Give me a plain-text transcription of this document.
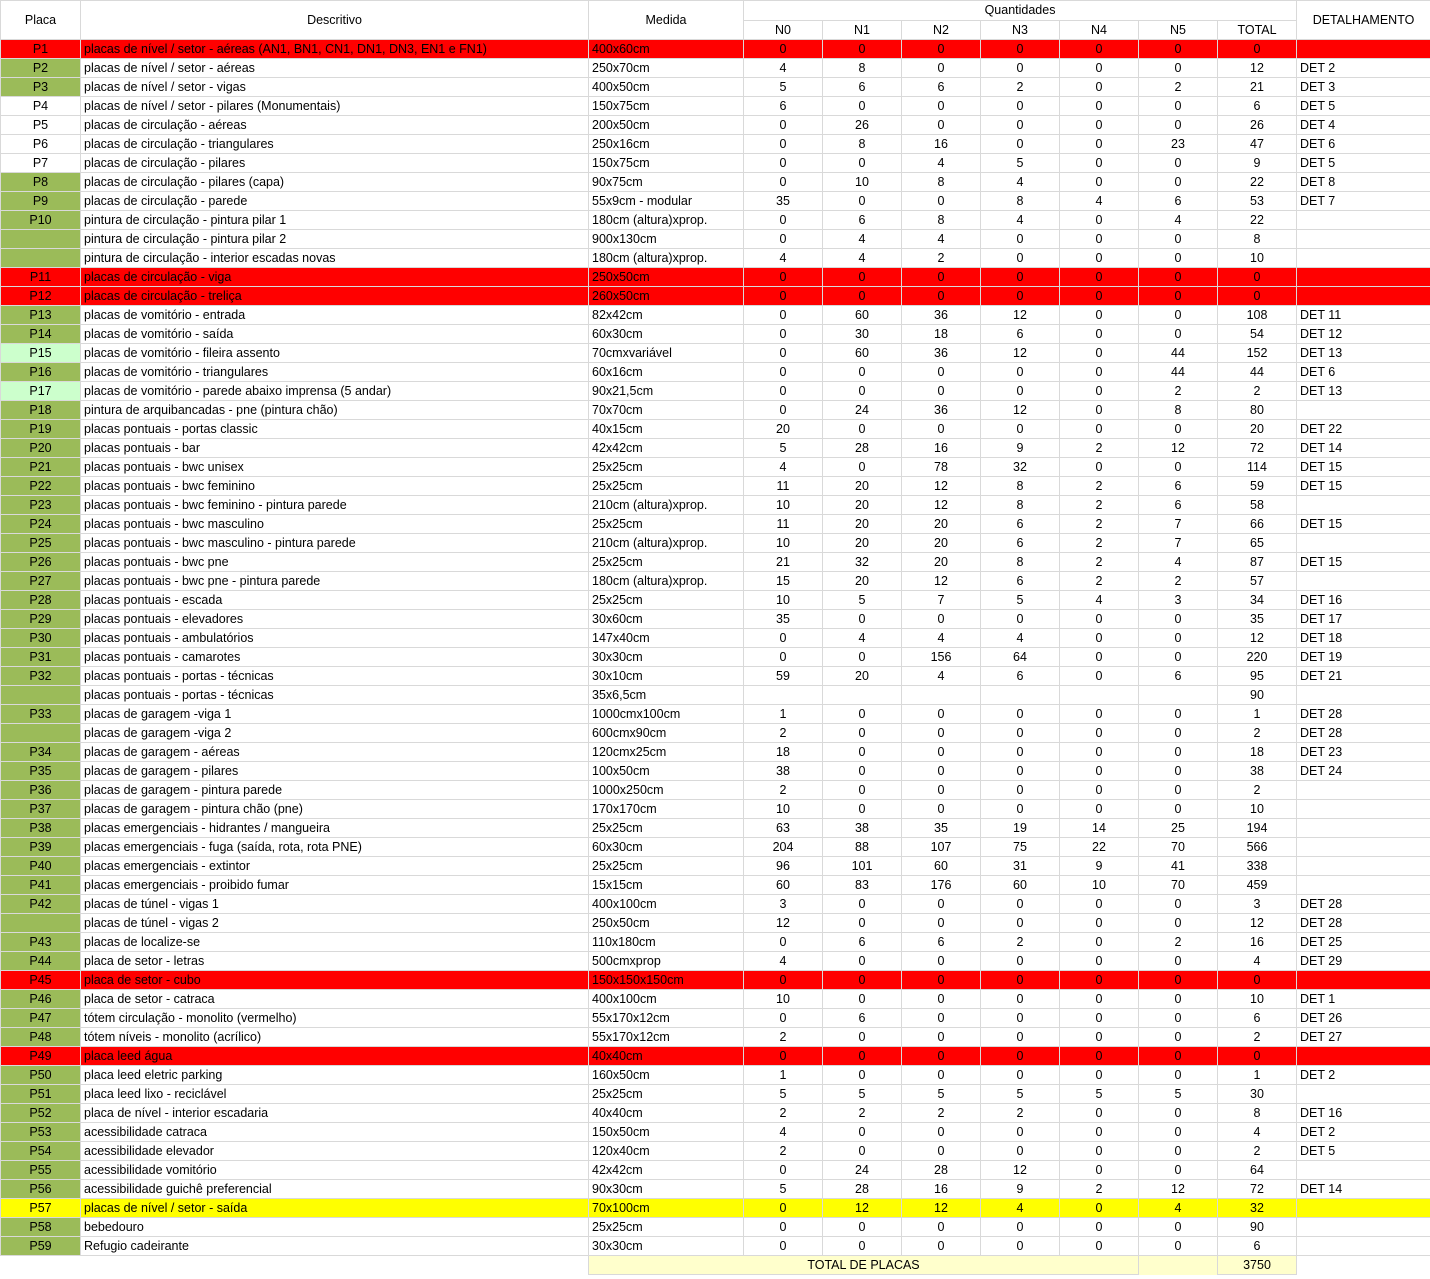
Placa	Descritivo	Medida	Quantidades							DETALHAMENTO
			N0	N1	N2	N3	N4	N5	TOTAL	
P1	placas de nível / setor - aéreas (AN1, BN1, CN1, DN1, DN3, EN1 e FN1)	400x60cm	0	0	0	0	0	0	0	
P2	placas de nível / setor - aéreas	250x70cm	4	8	0	0	0	0	12	DET 2
P3	placas de nível / setor - vigas	400x50cm	5	6	6	2	0	2	21	DET 3
P4	placas de nível / setor - pilares (Monumentais)	150x75cm	6	0	0	0	0	0	6	DET 5
P5	placas de circulação - aéreas	200x50cm	0	26	0	0	0	0	26	DET 4
P6	placas de circulação - triangulares	250x16cm	0	8	16	0	0	23	47	DET 6
P7	placas de circulação - pilares	150x75cm	0	0	4	5	0	0	9	DET 5
P8	placas de circulação - pilares (capa)	90x75cm	0	10	8	4	0	0	22	DET 8
P9	placas de circulação - parede	55x9cm - modular	35	0	0	8	4	6	53	DET 7
P10	pintura de circulação - pintura pilar 1	180cm (altura)xprop.	0	6	8	4	0	4	22	
	pintura de circulação - pintura pilar 2	900x130cm	0	4	4	0	0	0	8	
	pintura de circulação - interior escadas novas	180cm (altura)xprop.	4	4	2	0	0	0	10	
P11	placas de circulação - viga	250x50cm	0	0	0	0	0	0	0	
P12	placas de circulação - treliça	260x50cm	0	0	0	0	0	0	0	
P13	placas de vomitório - entrada	82x42cm	0	60	36	12	0	0	108	DET 11
P14	placas de vomitório - saída	60x30cm	0	30	18	6	0	0	54	DET 12
P15	placas de vomitório - fileira assento	70cmxvariável	0	60	36	12	0	44	152	DET 13
P16	placas de vomitório - triangulares	60x16cm	0	0	0	0	0	44	44	DET 6
P17	placas de vomitório - parede abaixo imprensa (5 andar)	90x21,5cm	0	0	0	0	0	2	2	DET 13
P18	pintura de arquibancadas - pne (pintura chão)	70x70cm	0	24	36	12	0	8	80	
P19	placas pontuais - portas classic	40x15cm	20	0	0	0	0	0	20	DET 22
P20	placas pontuais - bar	42x42cm	5	28	16	9	2	12	72	DET 14
P21	placas pontuais - bwc unisex	25x25cm	4	0	78	32	0	0	114	DET 15
P22	placas pontuais - bwc feminino	25x25cm	11	20	12	8	2	6	59	DET 15
P23	placas pontuais - bwc feminino - pintura parede	210cm (altura)xprop.	10	20	12	8	2	6	58	
P24	placas pontuais - bwc masculino	25x25cm	11	20	20	6	2	7	66	DET 15
P25	placas pontuais - bwc masculino - pintura parede	210cm (altura)xprop.	10	20	20	6	2	7	65	
P26	placas pontuais - bwc pne	25x25cm	21	32	20	8	2	4	87	DET 15
P27	placas pontuais - bwc pne - pintura parede	180cm (altura)xprop.	15	20	12	6	2	2	57	
P28	placas pontuais - escada	25x25cm	10	5	7	5	4	3	34	DET 16
P29	placas pontuais - elevadores	30x60cm	35	0	0	0	0	0	35	DET 17
P30	placas pontuais - ambulatórios	147x40cm	0	4	4	4	0	0	12	DET 18
P31	placas pontuais - camarotes	30x30cm	0	0	156	64	0	0	220	DET 19
P32	placas pontuais - portas - técnicas	30x10cm	59	20	4	6	0	6	95	DET 21
	placas pontuais - portas - técnicas	35x6,5cm							90	
P33	placas de garagem -viga 1	1000cmx100cm	1	0	0	0	0	0	1	DET 28
	placas de garagem -viga 2	600cmx90cm	2	0	0	0	0	0	2	DET 28
P34	placas de garagem - aéreas	120cmx25cm	18	0	0	0	0	0	18	DET 23
P35	placas de garagem - pilares	100x50cm	38	0	0	0	0	0	38	DET 24
P36	placas de garagem - pintura parede	1000x250cm	2	0	0	0	0	0	2	
P37	placas de garagem - pintura chão (pne)	170x170cm	10	0	0	0	0	0	10	
P38	placas emergenciais - hidrantes / mangueira	25x25cm	63	38	35	19	14	25	194	
P39	placas emergenciais - fuga (saída, rota, rota PNE)	60x30cm	204	88	107	75	22	70	566	
P40	placas emergenciais - extintor	25x25cm	96	101	60	31	9	41	338	
P41	placas emergenciais - proibido fumar	15x15cm	60	83	176	60	10	70	459	
P42	placas de túnel - vigas 1	400x100cm	3	0	0	0	0	0	3	DET 28
	placas de túnel - vigas 2	250x50cm	12	0	0	0	0	0	12	DET 28
P43	placas de localize-se	110x180cm	0	6	6	2	0	2	16	DET 25
P44	placa de setor - letras	500cmxprop	4	0	0	0	0	0	4	DET 29
P45	placa de setor - cubo	150x150x150cm	0	0	0	0	0	0	0	
P46	placa de setor - catraca	400x100cm	10	0	0	0	0	0	10	DET 1
P47	tótem circulação - monolito (vermelho)	55x170x12cm	0	6	0	0	0	0	6	DET 26
P48	tótem níveis - monolito (acrílico)	55x170x12cm	2	0	0	0	0	0	2	DET 27
P49	placa leed água	40x40cm	0	0	0	0	0	0	0	
P50	placa leed eletric parking	160x50cm	1	0	0	0	0	0	1	DET 2
P51	placa leed lixo - reciclável	25x25cm	5	5	5	5	5	5	30	
P52	placa de nível - interior escadaria	40x40cm	2	2	2	2	0	0	8	DET 16
P53	acessibilidade catraca	150x50cm	4	0	0	0	0	0	4	DET 2
P54	acessibilidade elevador	120x40cm	2	0	0	0	0	0	2	DET 5
P55	acessibilidade vomitório	42x42cm	0	24	28	12	0	0	64	
P56	acessibilidade guichê preferencial	90x30cm	5	28	16	9	2	12	72	DET 14
P57	placas de nível / setor - saída	70x100cm	0	12	12	4	0	4	32	
P58	bebedouro	25x25cm	0	0	0	0	0	0	90	
P59	Refugio cadeirante	30x30cm	0	0	0	0	0	0	6	
		TOTAL DE PLACAS							3750	
